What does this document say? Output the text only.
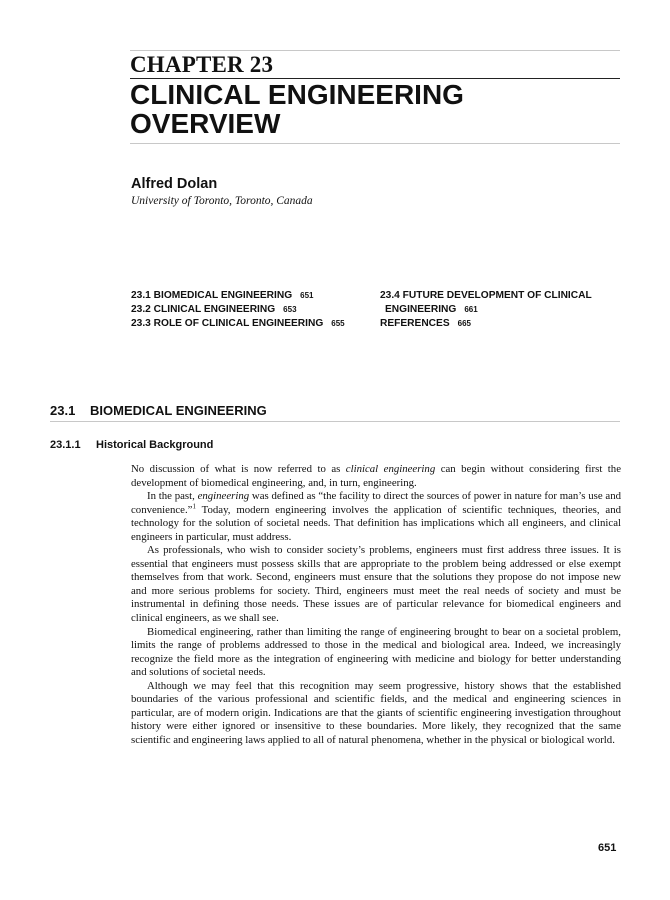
CHAPTER 23
CLINICAL ENGINEERING OVERVIEW
Alfred Dolan
University of Toronto, Toronto, Canada
23.1 BIOMEDICAL ENGINEERING 651
23.2 CLINICAL ENGINEERING 653
23.3 ROLE OF CLINICAL ENGINEERING 655
23.4 FUTURE DEVELOPMENT OF CLINICAL
ENGINEERING 661
REFERENCES 665
23.1 BIOMEDICAL ENGINEERING
23.1.1 Historical Background

No discussion of what is now referred to as clinical engineering can begin without considering first the development of biomedical engineering, and, in turn, engineering.

In the past, engineering was defined as “the facility to direct the sources of power in nature for man’s use and convenience.”$^1$ Today, modern engineering involves the application of scientific techniques, theories, and technology for the solution of societal needs. That definition has implications which all engineers, and clinical engineers in particular, must address.

As professionals, who wish to consider society’s problems, engineers must first address three issues. It is essential that engineers must possess skills that are appropriate to the problem being addressed or else exempt themselves from that work. Second, engineers must ensure that the solutions they propose do not impose new and more serious problems for society. Third, engineers must meet the real needs of society and must be instrumental in defining those needs. These issues are of particular relevance for biomedical engineers and clinical engineers, as we shall see.

Biomedical engineering, rather than limiting the range of engineering brought to bear on a societal problem, limits the range of problems addressed to those in the medical and biological area. Indeed, we increasingly recognize the field more as the integration of engineering with medicine and biology for better understanding and solutions of societal needs.

Although we may feel that this recognition may seem progressive, history shows that the established boundaries of the various professional and scientific fields, and the medical and engineering sciences in particular, are of modern origin. Indications are that the giants of scientific engineering investigation throughout history were either ignored or insensitive to these boundaries. More likely, they recognized that the same scientific and engineering laws applied to all of natural phenomena, whether in the physical or biological world.

651
